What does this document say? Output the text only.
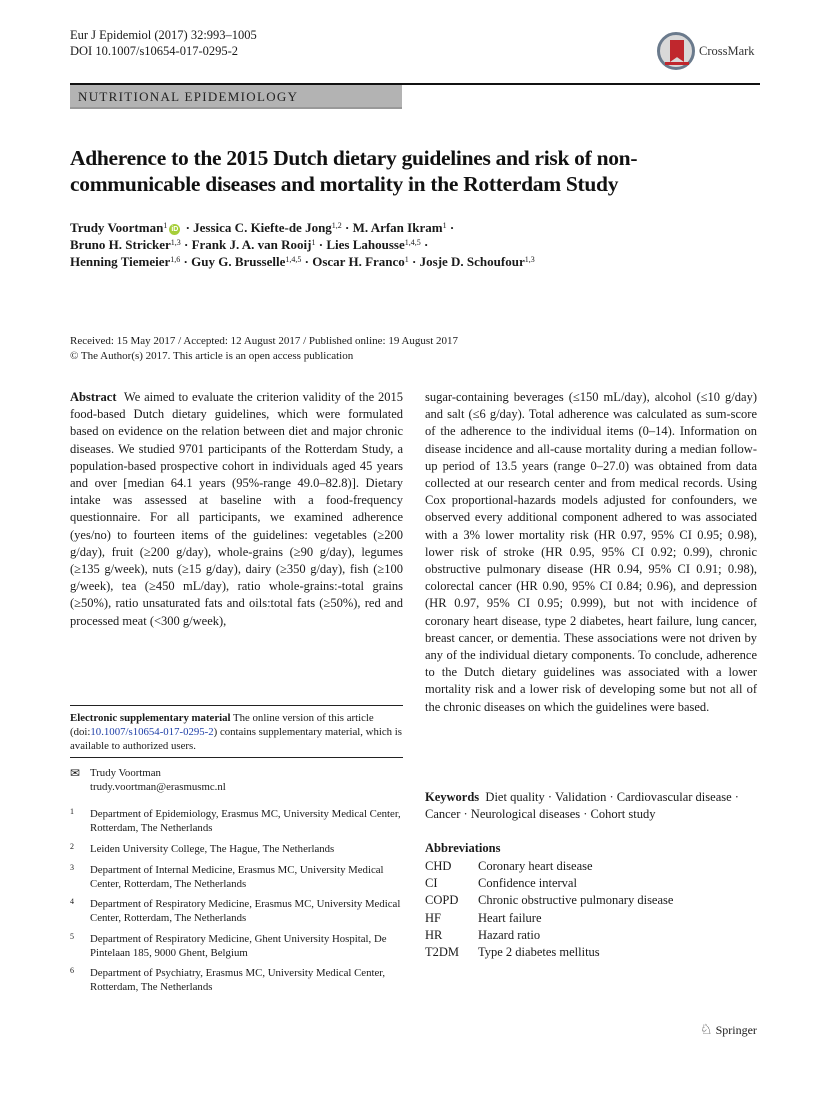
Eur J Epidemiol (2017) 32:993–1005
DOI 10.1007/s10654-017-0295-2	CrossMark
NUTRITIONAL EPIDEMIOLOGY
Adherence to the 2015 Dutch dietary guidelines and risk of non-communicable diseases and mortality in the Rotterdam Study
Trudy Voortman$^1$ iD · Jessica C. Kiefte-de Jong$^{1,2}$ · M. Arfan Ikram$^1$ ·
Bruno H. Stricker$^{1,3}$ · Frank J. A. van Rooij$^1$ · Lies Lahousse$^{1,4,5}$ ·
Henning Tiemeier$^{1,6}$ · Guy G. Brusselle$^{1,4,5}$ · Oscar H. Franco$^1$ · Josje D. Schoufour$^{1,3}$
Received: 15 May 2017 / Accepted: 12 August 2017 / Published online: 19 August 2017
© The Author(s) 2017. This article is an open access publication
Abstract We aimed to evaluate the criterion validity of the 2015 food-based Dutch dietary guidelines, which were formulated based on evidence on the relation between diet and major chronic diseases. We studied 9701 participants of the Rotterdam Study, a population-based prospective cohort in individuals aged 45 years and over [median 64.1 years (95%-range 49.0–82.8)]. Dietary intake was assessed at baseline with a food-frequency questionnaire. For all participants, we examined adherence (yes/no) to fourteen items of the guidelines: vegetables (≥200 g/day), fruit (≥200 g/day), whole-grains (≥90 g/day), legumes (≥135 g/week), nuts (≥15 g/day), dairy (≥350 g/day), fish (≥100 g/week), tea (≥450 mL/day), ratio whole-grains:-total grains (≥50%), ratio unsaturated fats and oils:total fats (≥50%), red and processed meat (<300 g/week),
sugar-containing beverages (≤150 mL/day), alcohol (≤10 g/day) and salt (≤6 g/day). Total adherence was calculated as sum-score of the adherence to the individual items (0–14). Information on disease incidence and all-cause mortality during a median follow-up period of 13.5 years (range 0–27.0) was obtained from data collected at our research center and from medical records. Using Cox proportional-hazards models adjusted for confounders, we observed every additional component adhered to was associated with a 3% lower mortality risk (HR 0.97, 95% CI 0.95; 0.98), lower risk of stroke (HR 0.95, 95% CI 0.92; 0.99), chronic obstructive pulmonary disease (HR 0.94, 95% CI 0.91; 0.98), colorectal cancer (HR 0.90, 95% CI 0.84; 0.96), and depression (HR 0.97, 95% CI 0.95; 0.999), but not with incidence of coronary heart disease, type 2 diabetes, heart failure, lung cancer, breast cancer, or dementia. These associations were not driven by any of the individual dietary components. To conclude, adherence to the Dutch dietary guidelines was associated with a lower mortality risk and a lower risk of developing some but not all of the chronic diseases on which the guidelines were based.
Electronic supplementary material The online version of this article (doi:10.1007/s10654-017-0295-2) contains supplementary material, which is available to authorized users.
✉ Trudy Voortman
trudy.voortman@erasmusmc.nl
1 Department of Epidemiology, Erasmus MC, University Medical Center, Rotterdam, The Netherlands
2 Leiden University College, The Hague, The Netherlands
3 Department of Internal Medicine, Erasmus MC, University Medical Center, Rotterdam, The Netherlands
4 Department of Respiratory Medicine, Erasmus MC, University Medical Center, Rotterdam, The Netherlands
5 Department of Respiratory Medicine, Ghent University Hospital, De Pintelaan 185, 9000 Ghent, Belgium
6 Department of Psychiatry, Erasmus MC, University Medical Center, Rotterdam, The Netherlands
Keywords Diet quality · Validation · Cardiovascular disease · Cancer · Neurological diseases · Cohort study
Abbreviations
CHD	Coronary heart disease
CI	Confidence interval
COPD	Chronic obstructive pulmonary disease
HF	Heart failure
HR	Hazard ratio
T2DM	Type 2 diabetes mellitus
♘ Springer
